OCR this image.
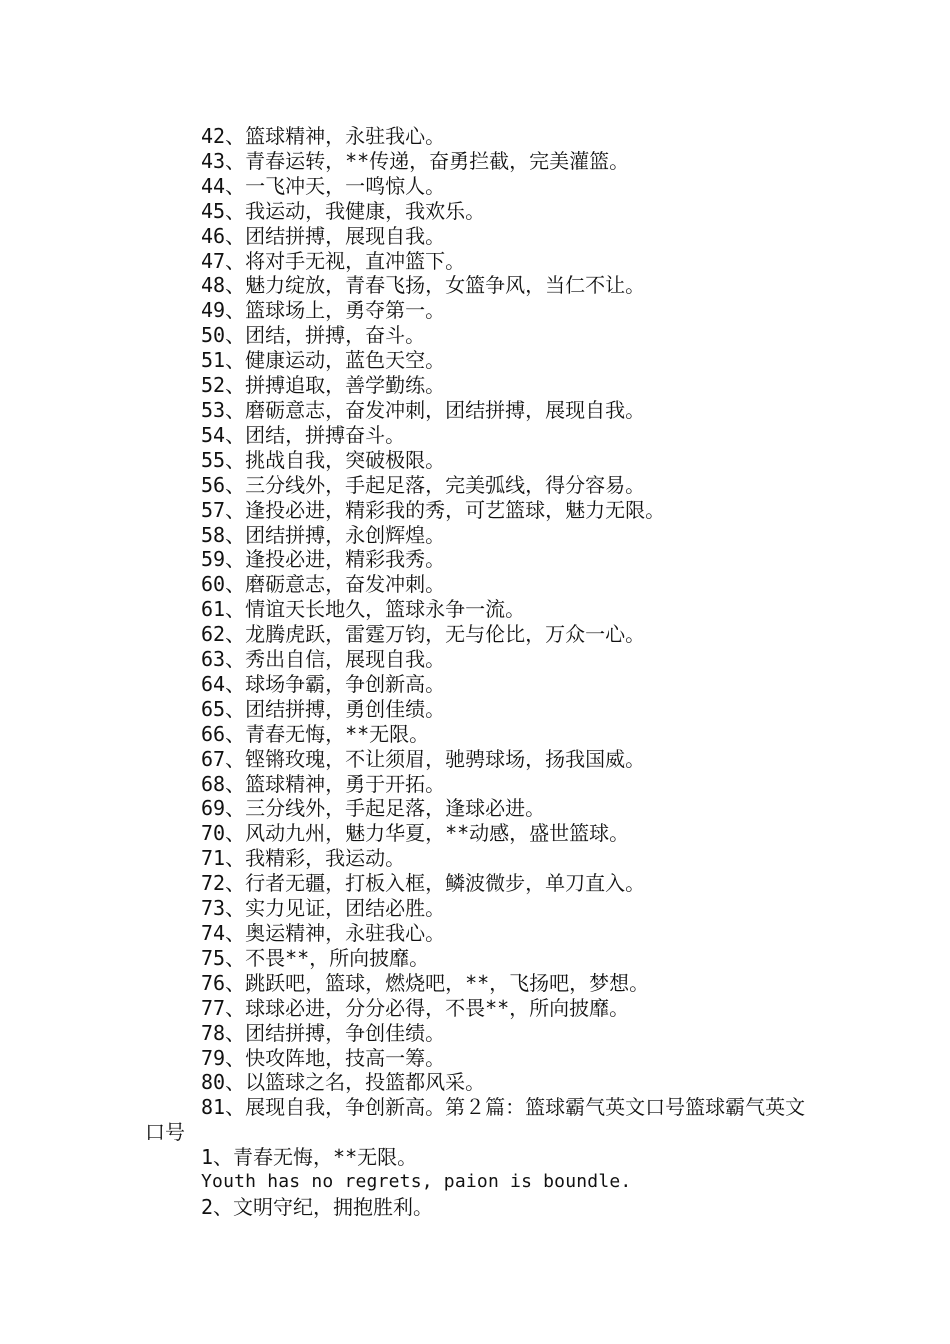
42、篮球精神，永驻我心。

43、青春运转，**传递，奋勇拦截，完美灌篮。

44、一飞冲天，一鸣惊人。

45、我运动，我健康，我欢乐。

46、团结拼搏，展现自我。

47、将对手无视，直冲篮下。

48、魅力绽放，青春飞扬，女篮争风，当仁不让。

49、篮球场上，勇夺第一。

50、团结，拼搏，奋斗。

51、健康运动，蓝色天空。

52、拼搏追取，善学勤练。

53、磨砺意志，奋发冲刺，团结拼搏，展现自我。

54、团结，拼搏奋斗。

55、挑战自我，突破极限。

56、三分线外，手起足落，完美弧线，得分容易。

57、逢投必进，精彩我的秀，可艺篮球，魅力无限。

58、团结拼搏，永创辉煌。

59、逢投必进，精彩我秀。

60、磨砺意志，奋发冲刺。

61、情谊天长地久，篮球永争一流。

62、龙腾虎跃，雷霆万钧，无与伦比，万众一心。

63、秀出自信，展现自我。

64、球场争霸，争创新高。

65、团结拼搏，勇创佳绩。

66、青春无悔，**无限。

67、铿锵玫瑰，不让须眉，驰骋球场，扬我国威。

68、篮球精神，勇于开拓。

69、三分线外，手起足落，逢球必进。

70、风动九州，魅力华夏，**动感，盛世篮球。

71、我精彩，我运动。

72、行者无疆，打板入框，鳞波微步，单刀直入。

73、实力见证，团结必胜。

74、奥运精神，永驻我心。

75、不畏**，所向披靡。

76、跳跃吧，篮球，燃烧吧，**，飞扬吧，梦想。

77、球球必进，分分必得，不畏**，所向披靡。

78、团结拼搏，争创佳绩。

79、快攻阵地，技高一筹。

80、以篮球之名，投篮都风采。

81、展现自我，争创新高。第２篇：篮球霸气英文口号篮球霸气英文口号

1、青春无悔，**无限。

Youth has no regrets, paion is boundle.

2、文明守纪，拥抱胜利。
